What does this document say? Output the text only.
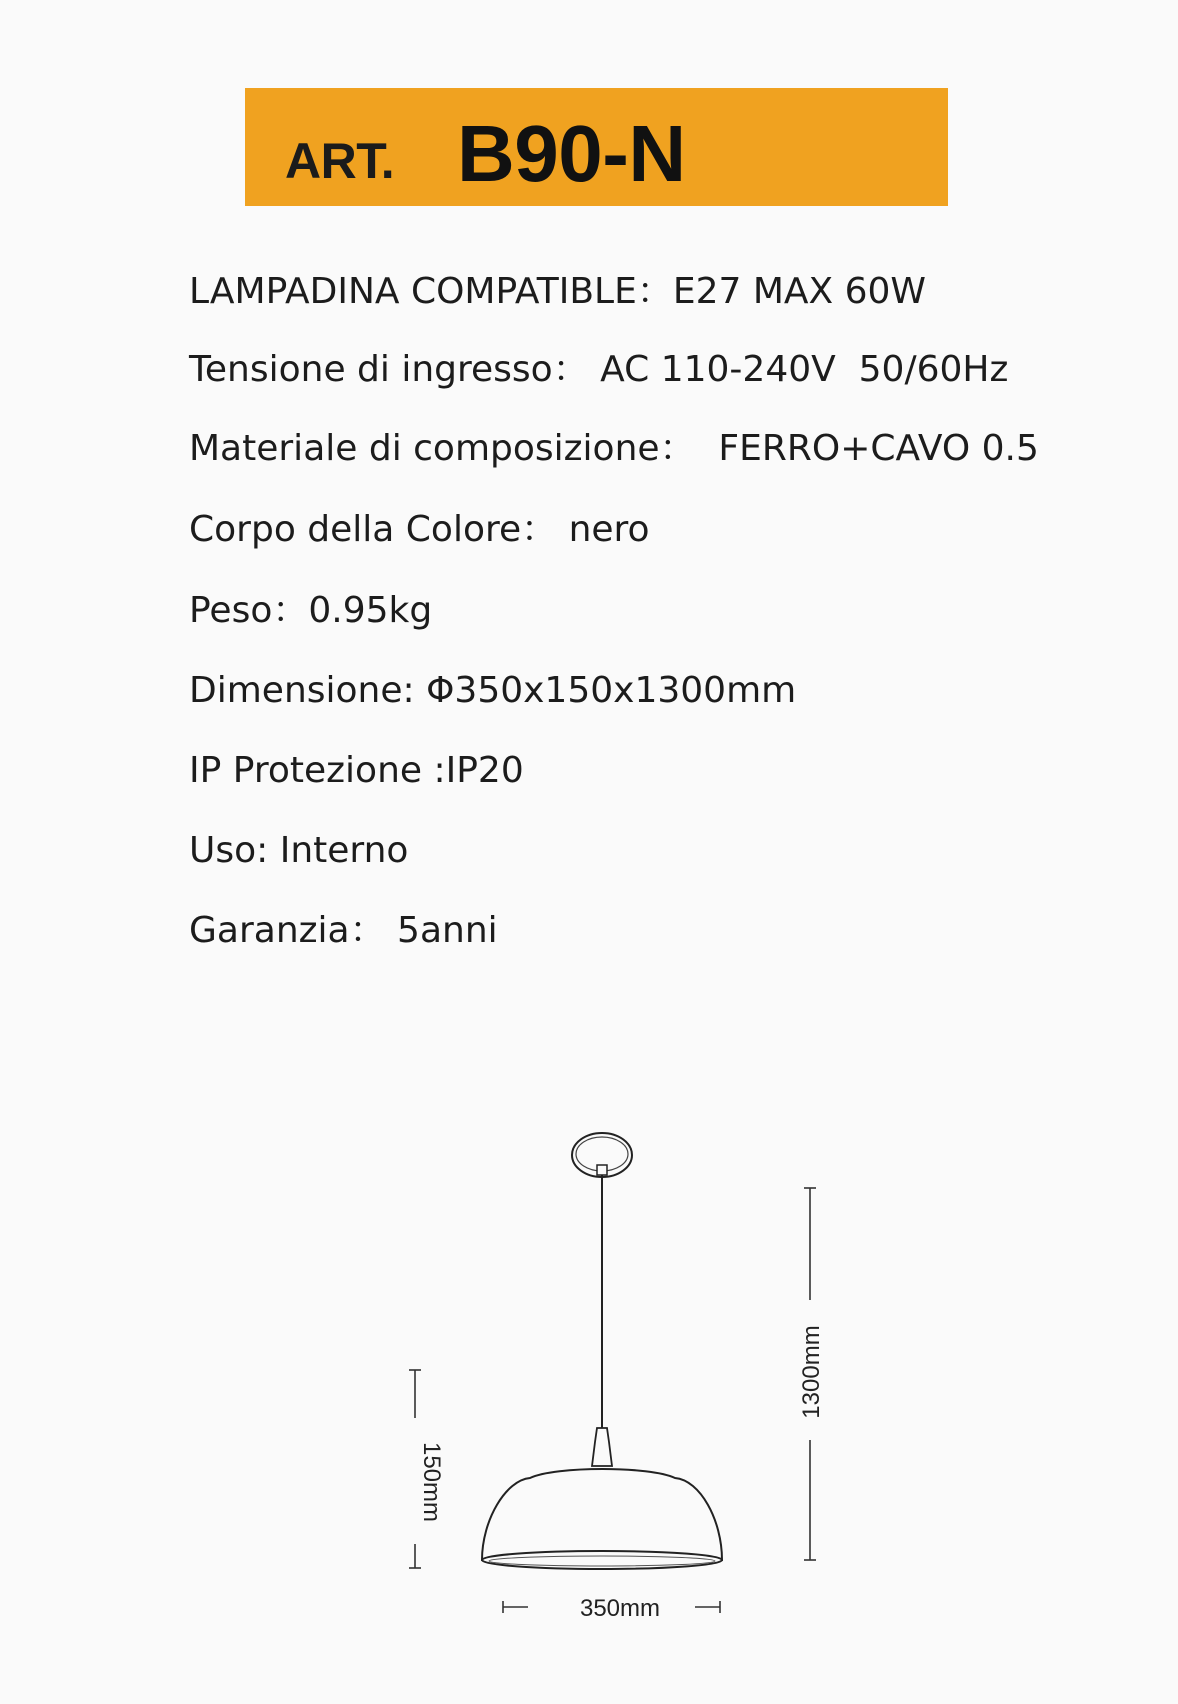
ART. B90-N
LAMPADINA COMPATIBLE：E27 MAX 60W
Tensione di ingresso： AC 110-240V  50/60Hz
Materiale di composizione：  FERRO+CAVO 0.5
Corpo della Colore： nero
Peso：0.95kg
Dimensione: Φ350x150x1300mm
IP Protezione :IP20
Uso: Interno
Garanzia： 5anni
1300mm
150mm
350mm
